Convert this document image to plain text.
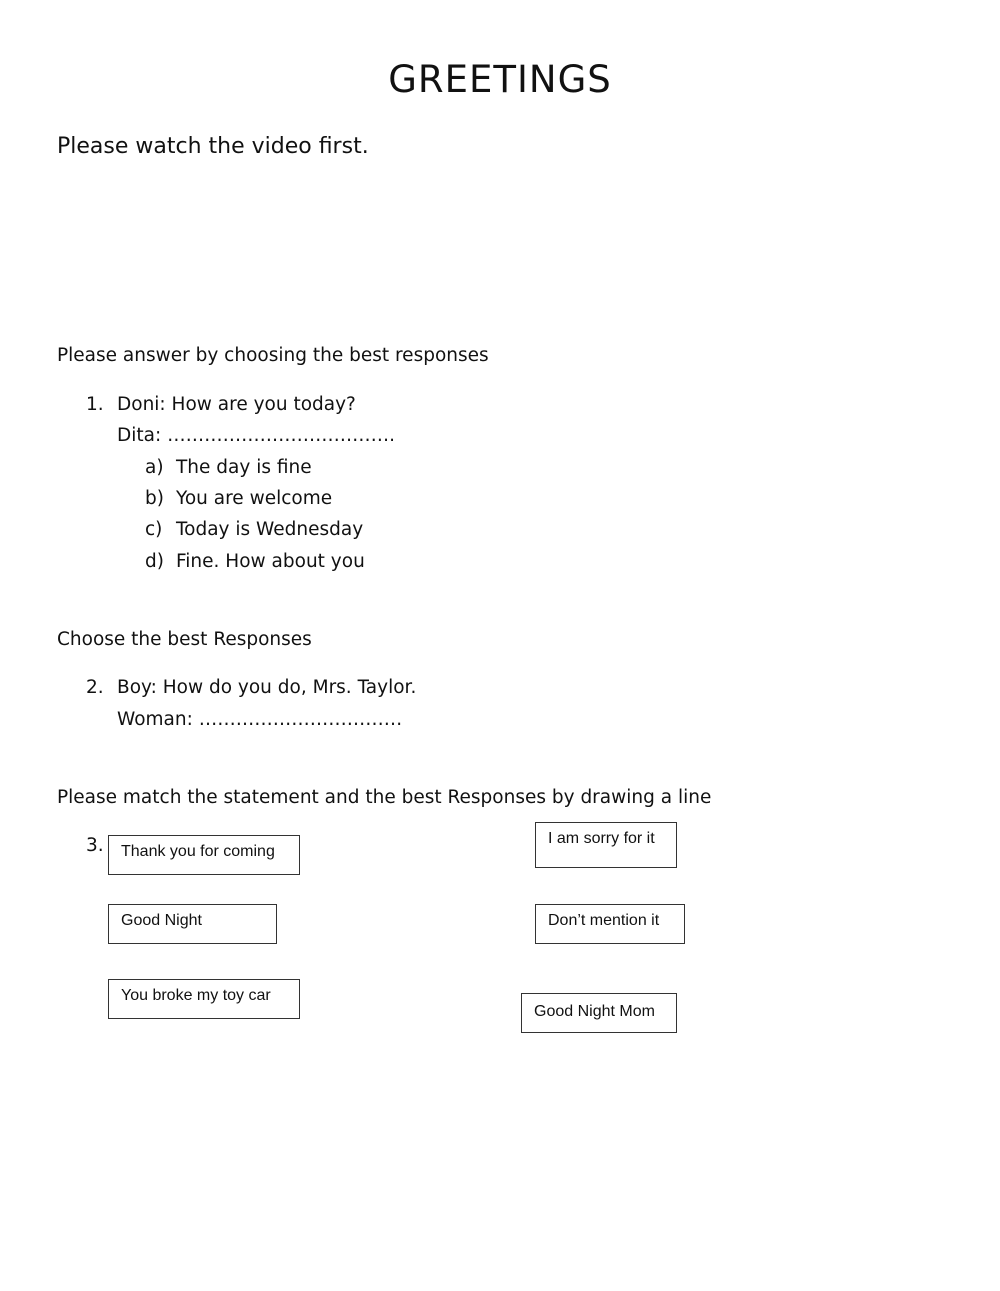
GREETINGS
Please watch the video first.
Please answer by choosing the best responses
1. Doni: How are you today?
Dita: ……………………………….
a) The day is fine
b) You are welcome
c) Today is Wednesday
d) Fine. How about you
Choose the best Responses
2. Boy: How do you do, Mrs. Taylor.
Woman: ……………………………
Please match the statement and the best Responses by drawing a line
3.	Thank you for coming
Good Night
You broke my toy car
I am sorry for it
Don’t mention it
Good Night Mom
